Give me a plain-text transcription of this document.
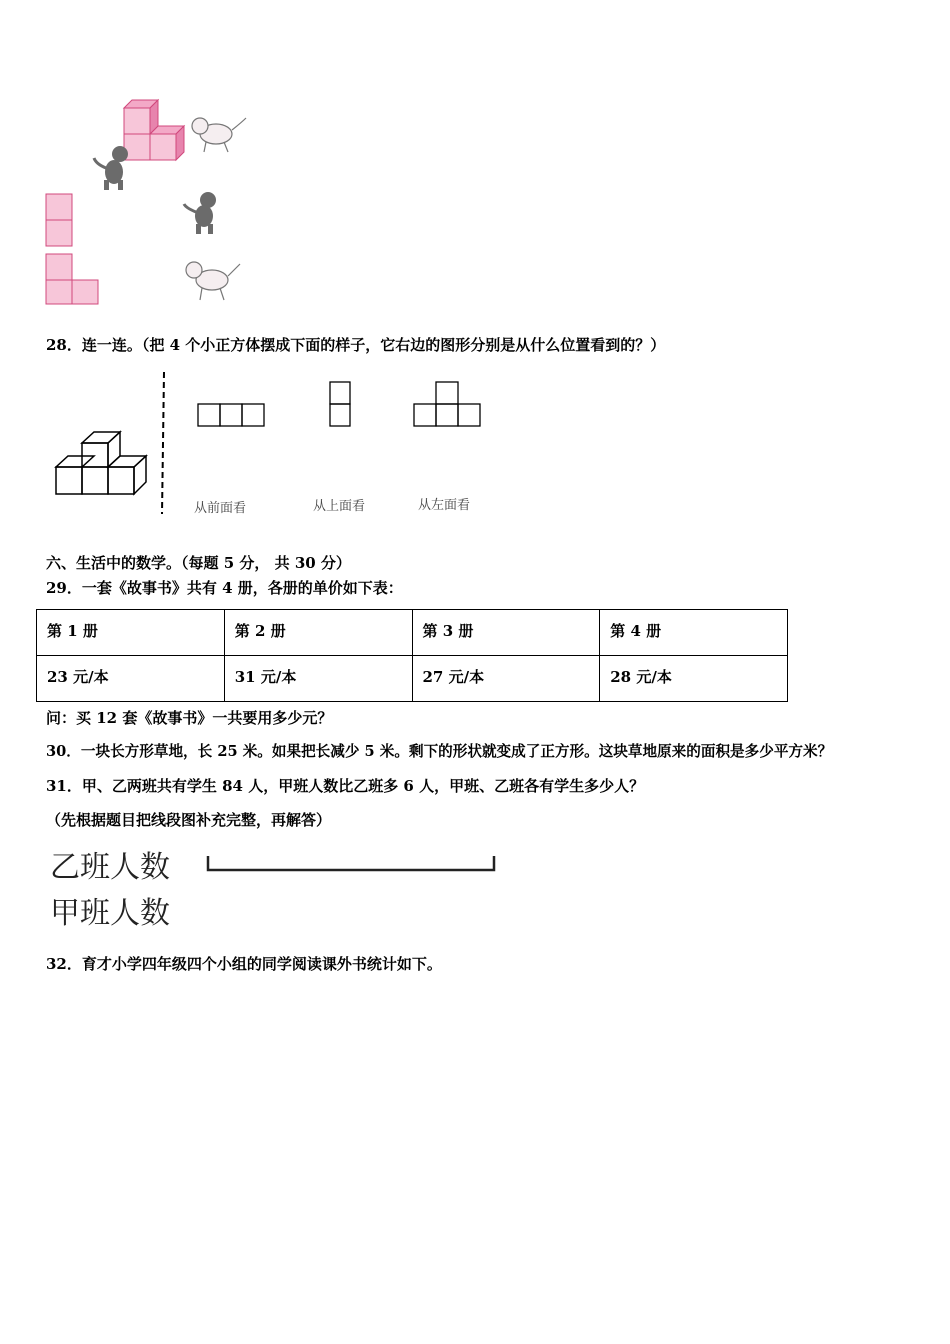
28．连一连。（把 4 个小正方体摆成下面的样子，它右边的图形分别是从什么位置看到的？）
从前面看	从上面看	从左面看
六、生活中的数学。（每题 5 分， 共 30 分）
29．一套《故事书》共有 4 册，各册的单价如下表：
第 1 册	第 2 册	第 3 册	第 4 册
23 元/本	31 元/本	27 元/本	28 元/本
问：买 12 套《故事书》一共要用多少元？
30．一块长方形草地，长 25 米。如果把长减少 5 米。剩下的形状就变成了正方形。这块草地原来的面积是多少平方米？
31．甲、乙两班共有学生 84 人，甲班人数比乙班多 6 人，甲班、乙班各有学生多少人？
（先根据题目把线段图补充完整，再解答）
乙班人数
甲班人数
32．育才小学四年级四个小组的同学阅读课外书统计如下。
